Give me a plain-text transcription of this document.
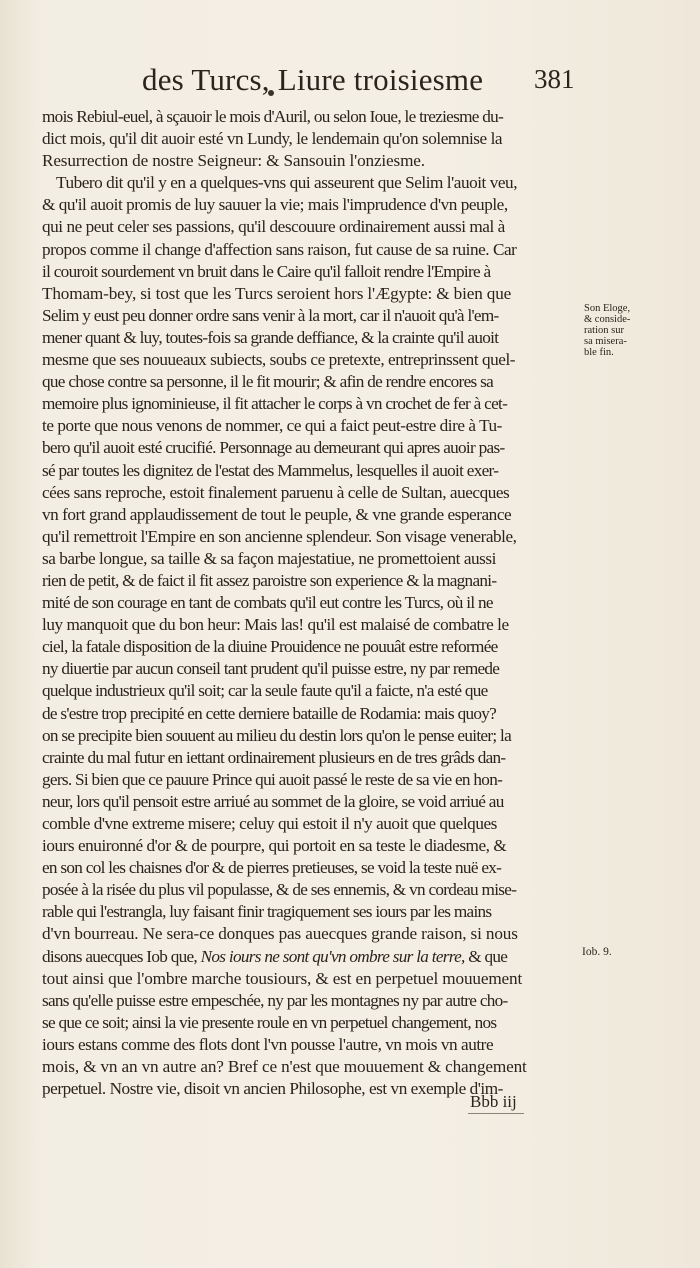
des Turcs, Liure troisiesme 381
mois Rebiul-euel, à sçauoir le mois d'Auril, ou selon Ioue, le treziesme du-
dict mois, qu'il dit auoir esté vn Lundy, le lendemain qu'on solemnise la
Resurrection de nostre Seigneur: & Sansouin l'onziesme.
Tubero dit qu'il y en a quelques-vns qui asseurent que Selim l'auoit veu,
& qu'il auoit promis de luy sauuer la vie; mais l'imprudence d'vn peuple,
qui ne peut celer ses passions, qu'il descouure ordinairement aussi mal à
propos comme il change d'affection sans raison, fut cause de sa ruine. Car
il couroit sourdement vn bruit dans le Caire qu'il falloit rendre l'Empire à
Thomam-bey, si tost que les Turcs seroient hors l'Ægypte: & bien que
Selim y eust peu donner ordre sans venir à la mort, car il n'auoit qu'à l'em-
mener quant & luy, toutes-fois sa grande deffiance, & la crainte qu'il auoit
mesme que ses nouueaux subiects, soubs ce pretexte, entreprinssent quel-
que chose contre sa personne, il le fit mourir; & afin de rendre encores sa
memoire plus ignominieuse, il fit attacher le corps à vn crochet de fer à cet-
te porte que nous venons de nommer, ce qui a faict peut-estre dire à Tu-
bero qu'il auoit esté crucifié. Personnage au demeurant qui apres auoir pas-
sé par toutes les dignitez de l'estat des Mammelus, lesquelles il auoit exer-
cées sans reproche, estoit finalement paruenu à celle de Sultan, auecques
vn fort grand applaudissement de tout le peuple, & vne grande esperance
qu'il remettroit l'Empire en son ancienne splendeur. Son visage venerable,
sa barbe longue, sa taille & sa façon majestatiue, ne promettoient aussi
rien de petit, & de faict il fit assez paroistre son experience & la magnani-
mité de son courage en tant de combats qu'il eut contre les Turcs, où il ne
luy manquoit que du bon heur: Mais las! qu'il est malaisé de combatre le
ciel, la fatale disposition de la diuine Prouidence ne pouuât estre reformée
ny diuertie par aucun conseil tant prudent qu'il puisse estre, ny par remede
quelque industrieux qu'il soit; car la seule faute qu'il a faicte, n'a esté que
de s'estre trop precipité en cette derniere bataille de Rodamia: mais quoy?
on se precipite bien souuent au milieu du destin lors qu'on le pense euiter; la
crainte du mal futur en iettant ordinairement plusieurs en de tres grâds dan-
gers. Si bien que ce pauure Prince qui auoit passé le reste de sa vie en hon-
neur, lors qu'il pensoit estre arriué au sommet de la gloire, se void arriué au
comble d'vne extreme misere; celuy qui estoit il n'y auoit que quelques
iours enuironné d'or & de pourpre, qui portoit en sa teste le diadesme, &
en son col les chaisnes d'or & de pierres pretieuses, se void la teste nuë ex-
posée à la risée du plus vil populasse, & de ses ennemis, & vn cordeau mise-
rable qui l'estrangla, luy faisant finir tragiquement ses iours par les mains
d'vn bourreau. Ne sera-ce donques pas auecques grande raison, si nous
disons auecques Iob que, Nos iours ne sont qu'vn ombre sur la terre, & que
tout ainsi que l'ombre marche tousiours, & est en perpetuel mouuement
sans qu'elle puisse estre empeschée, ny par les montagnes ny par autre cho-
se que ce soit; ainsi la vie presente roule en vn perpetuel changement, nos
iours estans comme des flots dont l'vn pousse l'autre, vn mois vn autre
mois, & vn an vn autre an? Bref ce n'est que mouuement & changement
perpetuel. Nostre vie, disoit vn ancien Philosophe, est vn exemple d'im-
Son Eloge,
& conside-
ration sur
sa misera-
ble fin.
Iob. 9.
Bbb iij
